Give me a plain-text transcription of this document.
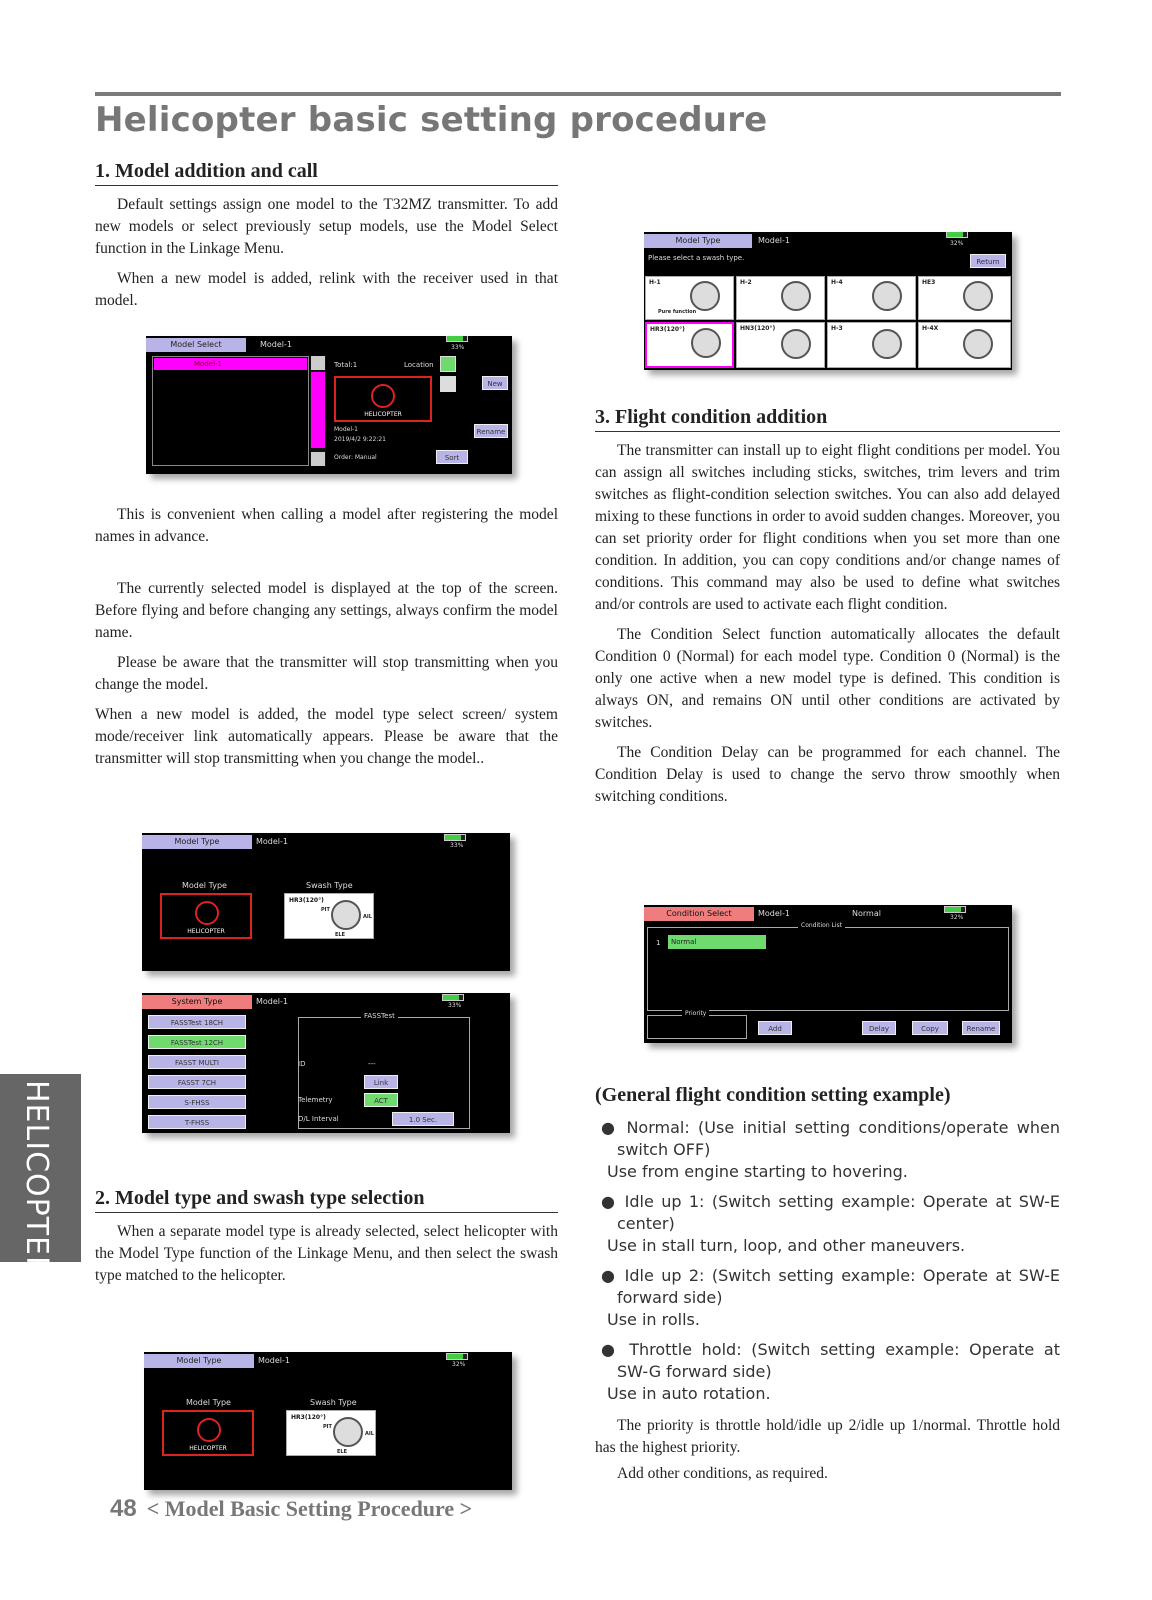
Helicopter basic setting procedure
1. Model addition and call

Default settings assign one model to the T32MZ transmitter. To add new models or select previously setup models, use the Model Select function in the Linkage Menu.

When a new model is added, relink with the receiver used in that model.

This is convenient when calling a model after registering the model names in advance.

The currently selected model is displayed at the top of the screen. Before flying and before changing any settings, always confirm the model name.

Please be aware that the transmitter will stop transmitting when you change the model.

When a new model is added, the model type select screen/ system mode/receiver link automatically appears. Please be aware that the transmitter will stop transmitting when you change the model..

2. Model type and swash type selection

When a separate model type is already selected, select helicopter with the Model Type function of the Linkage Menu, and then select the swash type matched to the helicopter.

Model Select	Model-1	33%
Model-1	Total:1	Location
HELICOPTER
Model-1
2019/4/2 9:22:21
Order: Manual
New
Rename
Sort
Model Type	Model-1	33%
Model Type	Swash Type
HELICOPTER
HR3(120°)
PIT
AIL
ELE
System Type	Model-1	33%
FASSTest 18CH
FASSTest 12CH
FASST MULTI
FASST 7CH
S-FHSS
T-FHSS
FASSTest
ID	---
Link
Telemetry	ACT
D/L Interval	1.0 Sec.
Model Type	Model-1	32%
Model Type	Swash Type
HELICOPTER
HR3(120°)
PIT
AIL
ELE
Model Type	Model-1	32%
Please select a swash type.	Return
H-1
Pure function
H-2	H-4	HE3
HR3(120°)	HN3(120°)	H-3	H-4X
3. Flight condition addition

The transmitter can install up to eight flight conditions per model. You can assign all switches including sticks, switches, trim levers and trim switches as flight-condition selection switches. You can also add delayed mixing to these functions in order to avoid sudden changes. Moreover, you can set priority order for flight conditions when you set more than one condition. In addition, you can copy conditions and/or change names of conditions. This command may also be used to define what switches and/or controls are used to activate each flight condition.

The Condition Select function automatically allocates the default Condition 0 (Normal) for each model type. Condition 0 (Normal) is the only one active when a new model type is defined. This condition is always ON, and remains ON until other conditions are activated by switches.

The Condition Delay can be programmed for each channel. The Condition Delay is used to change the servo throw smoothly when switching conditions.

Condition Select	Model-1	Normal	32%
Condition List
1	Normal
Priority
Add	Delay	Copy	Rename
(General flight condition setting example)
● Normal: (Use initial setting conditions/operate when switch OFF)
Use from engine starting to hovering.
● Idle up 1: (Switch setting example: Operate at SW-E center)
Use in stall turn, loop, and other maneuvers.
● Idle up 2: (Switch setting example: Operate at SW-E forward side)
Use in rolls.
● Throttle hold: (Switch setting example: Operate at SW-G forward side)
Use in auto rotation.

The priority is throttle hold/idle up 2/idle up 1/normal. Throttle hold has the highest priority.

Add other conditions, as required.

HELICOPTER
48 < Model Basic Setting Procedure >
